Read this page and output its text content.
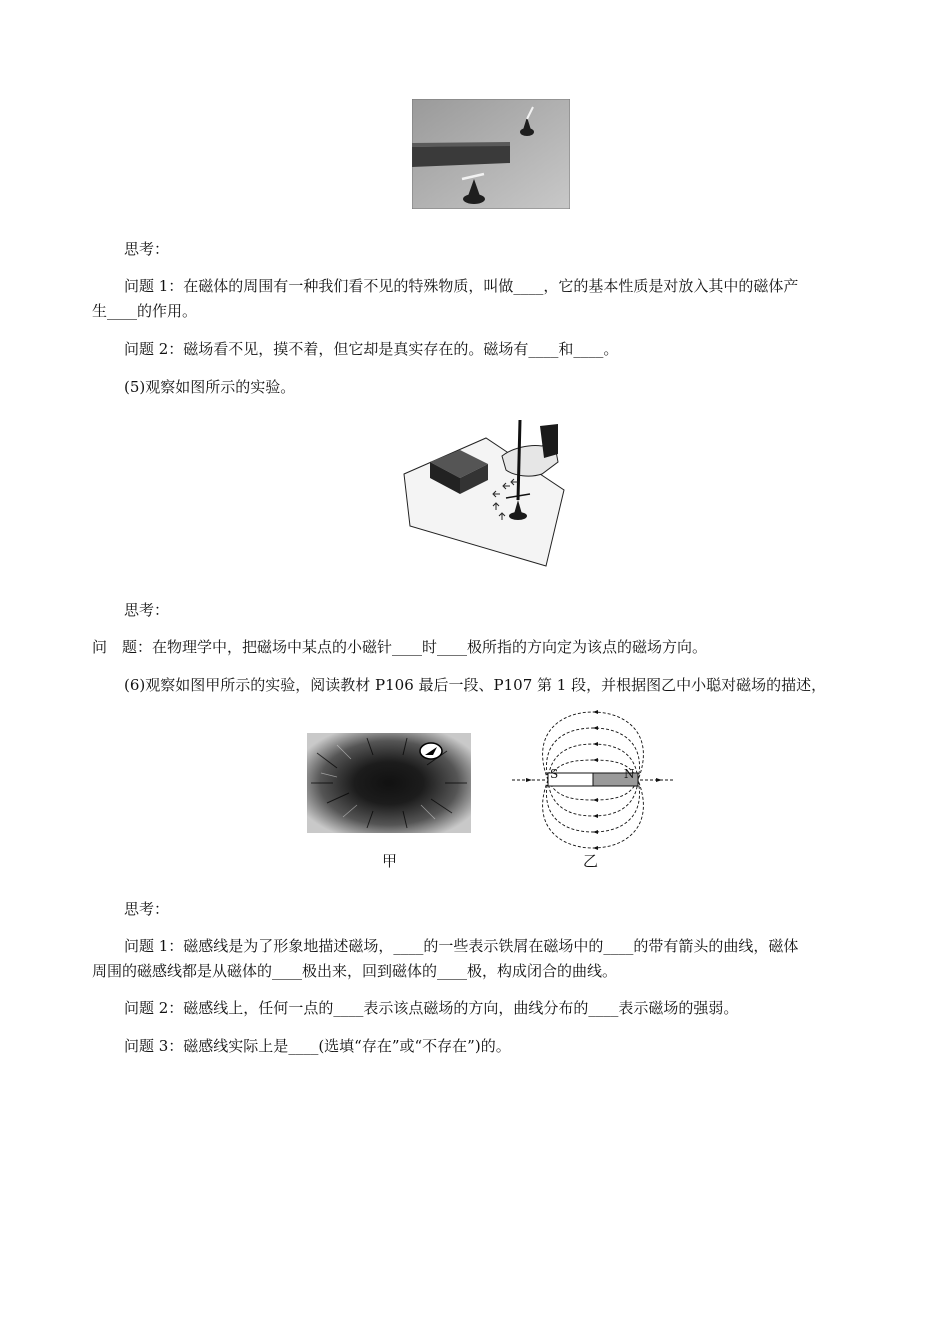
思考：
问题 1：在磁体的周围有一种我们看不见的特殊物质，叫做____，它的基本性质是对放入其中的磁体产
生____的作用。
问题 2：磁场看不见，摸不着，但它却是真实存在的。磁场有____和____。
(5)观察如图所示的实验。
思考：
问　题：在物理学中，把磁场中某点的小磁针____时____极所指的方向定为该点的磁场方向。
(6)观察如图甲所示的实验，阅读教材 P106 最后一段、P107 第 1 段，并根据图乙中小聪对磁场的描述，
甲
S	N
乙
思考：
问题 1：磁感线是为了形象地描述磁场，____的一些表示铁屑在磁场中的____的带有箭头的曲线，磁体
周围的磁感线都是从磁体的____极出来，回到磁体的____极，构成闭合的曲线。
问题 2：磁感线上，任何一点的____表示该点磁场的方向，曲线分布的____表示磁场的强弱。
问题 3：磁感线实际上是____(选填“存在”或“不存在”)的。
